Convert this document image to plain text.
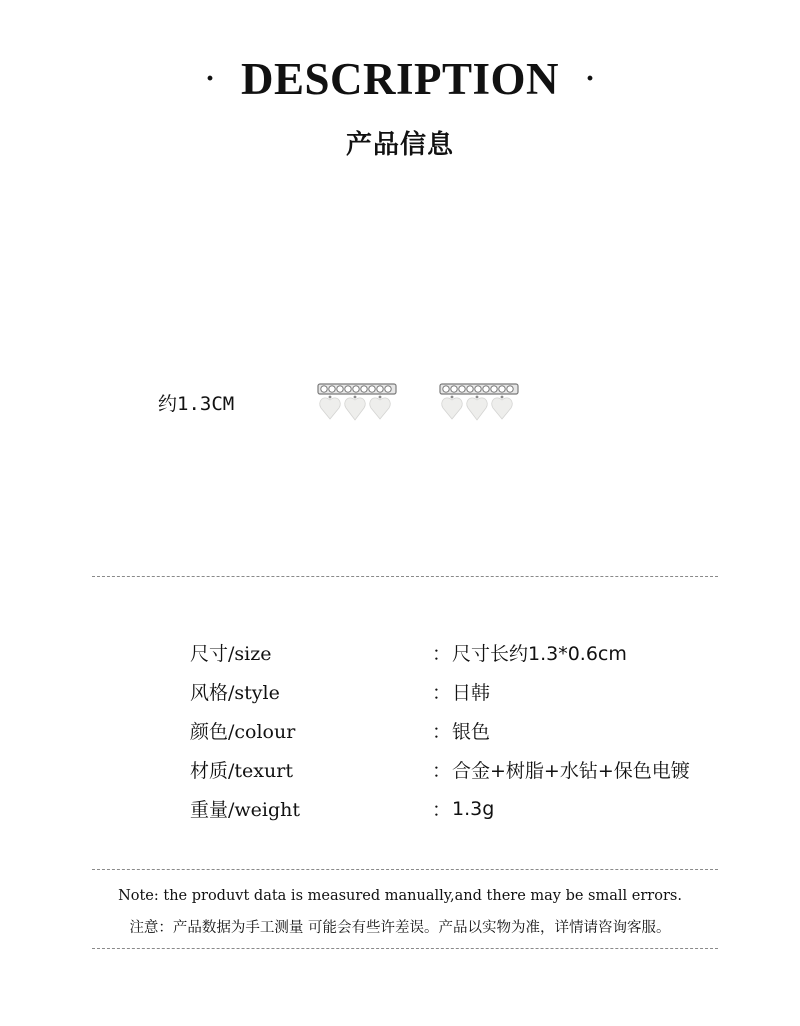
· DESCRIPTION ·
产品信息
约1.3CM
尺寸/size	： 尺寸长约1.3*0.6cm
风格/style	： 日韩
颜色/colour	： 银色
材质/texurt	： 合金+树脂+水钻+保色电镀
重量/weight	： 1.3g
Note: the produvt data is measured manually,and there may be small errors.
注意：产品数据为手工测量 可能会有些许差误。产品以实物为准，详情请咨询客服。
